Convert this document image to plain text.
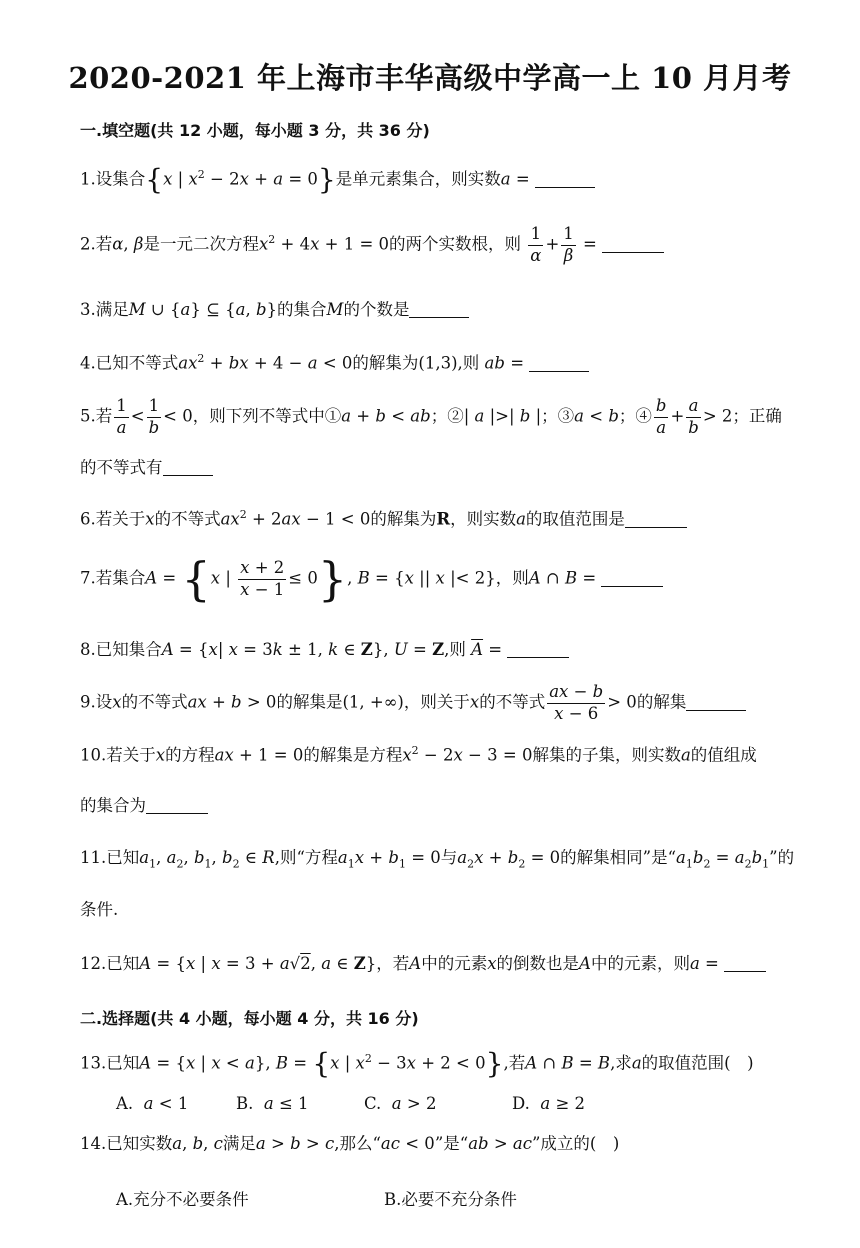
2020-2021 年上海市丰华高级中学高一上 10 月月考
一.填空题(共 12 小题，每小题 3 分，共 36 分)
1.设集合{x | $x^2 - 2x + a = 0$}是单元素集合，则实数a =
2.若α, β是一元二次方程$x^2 + 4x + 1 = 0$的两个实数根，则 $\frac{1}{\alpha} + \frac{1}{\beta}$ =
3.满足M ∪ {a} ⊆ {a, b}的集合M的个数是
4.已知不等式$ax^2$ + bx + 4 − a < 0的解集为(1,3),则 ab =
5.若 $\frac{1}{a} < \frac{1}{b} < 0$，则下列不等式中①a + b < ab；②| a |>| b |；③a < b；④ $\frac{b}{a} + \frac{a}{b} > 2$；正确
的不等式有
6.若关于x的不等式$ax^2 + 2ax - 1 < 0$的解集为R，则实数a的取值范围是
7.若集合A = {x | $\frac{x + 2}{x - 1} \le 0$}, B = {x || x |< 2}，则A ∩ B =
8.已知集合A = {x| x = 3k ± 1, k ∈ Z}, U = Z,则 $\overline{A}$ =
9.设x的不等式ax + b > 0的解集是(1, +∞)，则关于x的不等式 $\frac{ax - b}{x - 6} > 0$的解集
10.若关于x的方程ax + 1 = 0的解集是方程$x^2 - 2x - 3 = 0$解集的子集，则实数a的值组成
的集合为
11.已知$a_1$, $a_2$, $b_1$, $b_2$ ∈ R,则“方程$a_1x + b_1 = 0$与$a_2x + b_2 = 0$的解集相同”是“$a_1b_2 = a_2b_1$”的
条件.
12.已知A = {x | x = 3 + a√2, a ∈ Z}，若A中的元素x的倒数也是A中的元素，则a =
二.选择题(共 4 小题，每小题 4 分，共 16 分)
13.已知A = {x | x < a}, B = {x | $x^2 - 3x + 2 < 0$},若A ∩ B = B,求a的取值范围(　)
A. a < 1	B. a ≤ 1	C. a > 2	D. a ≥ 2
14.已知实数a, b, c满足a > b > c,那么“ac < 0”是“ab > ac”成立的(　)
A.充分不必要条件	B.必要不充分条件
